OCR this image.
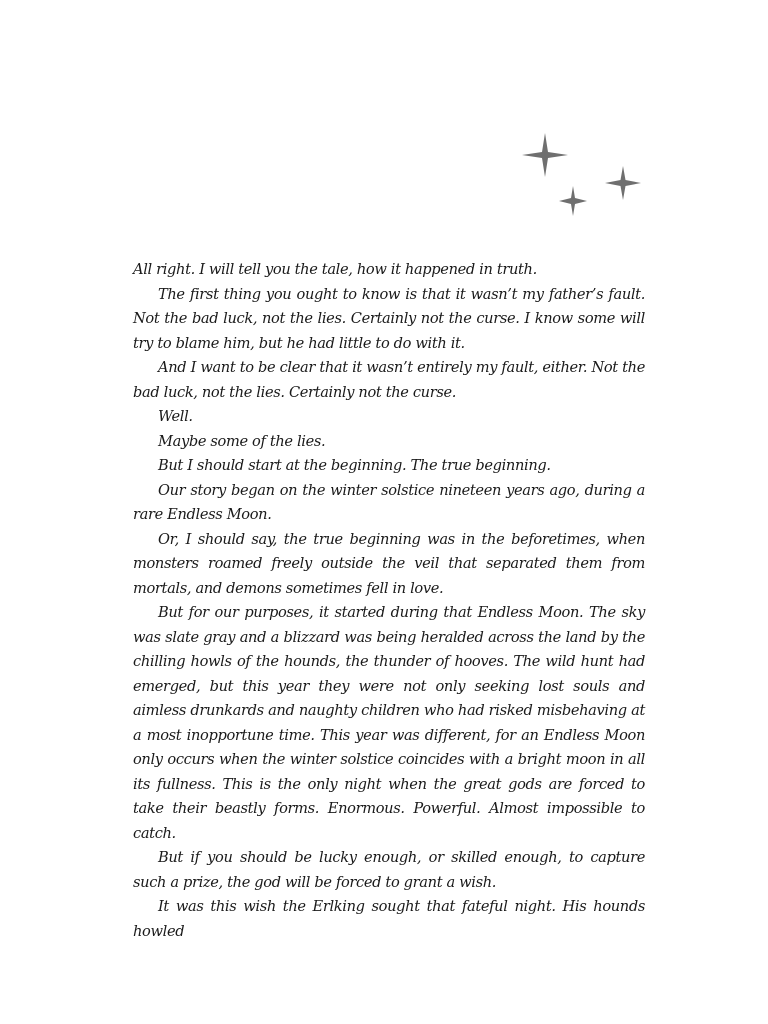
All right. I will tell you the tale, how it happened in truth.

The first thing you ought to know is that it wasn’t my father’s fault. Not the bad luck, not the lies. Certainly not the curse. I know some will try to blame him, but he had little to do with it.

And I want to be clear that it wasn’t entirely my fault, either. Not the bad luck, not the lies. Certainly not the curse.

Well.

Maybe some of the lies.

But I should start at the beginning. The true beginning.

Our story began on the winter solstice nineteen years ago, during a rare Endless Moon.

Or, I should say, the true beginning was in the beforetimes, when monsters roamed freely outside the veil that separated them from mortals, and demons sometimes fell in love.

But for our purposes, it started during that Endless Moon. The sky was slate gray and a blizzard was being heralded across the land by the chilling howls of the hounds, the thunder of hooves. The wild hunt had emerged, but this year they were not only seeking lost souls and aimless drunkards and naughty children who had risked misbehaving at a most inopportune time. This year was different, for an Endless Moon only occurs when the winter solstice coincides with a bright moon in all its fullness. This is the only night when the great gods are forced to take their beastly forms. Enormous. Powerful. Almost impossible to catch.

But if you should be lucky enough, or skilled enough, to capture such a prize, the god will be forced to grant a wish.

It was this wish the Erlking sought that fateful night. His hounds howled
